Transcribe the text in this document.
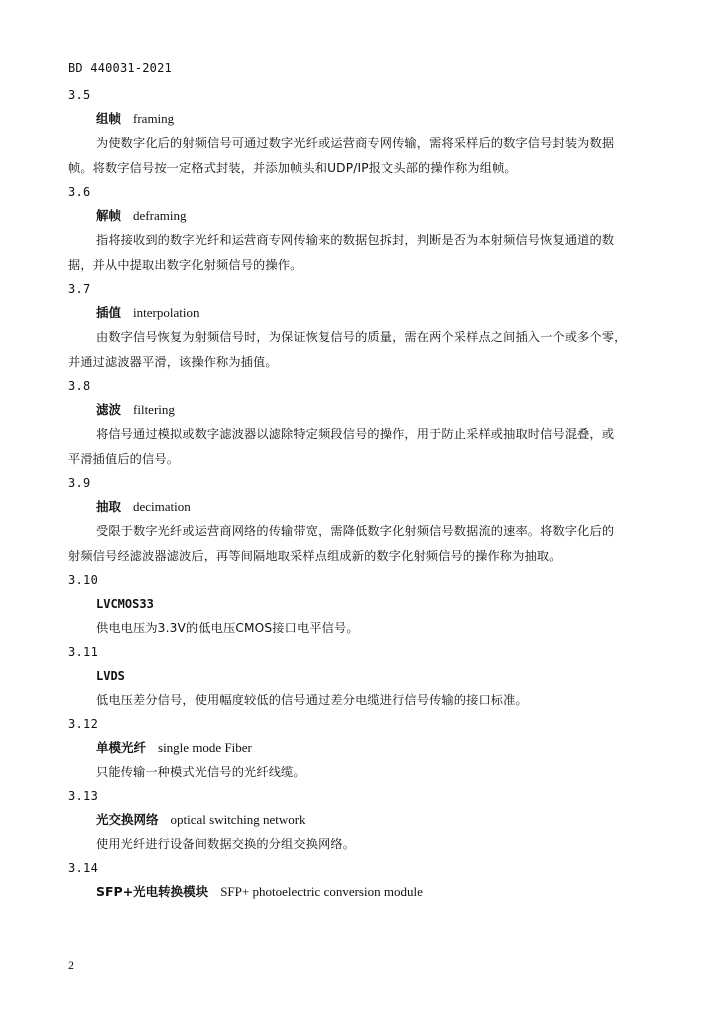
BD 440031-2021
3.5
组帧 framing

为使数字化后的射频信号可通过数字光纤或运营商专网传输，需将采样后的数字信号封装为数据
帧。将数字信号按一定格式封装，并添加帧头和UDP/IP报文头部的操作称为组帧。

3.6
解帧 deframing

指将接收到的数字光纤和运营商专网传输来的数据包拆封，判断是否为本射频信号恢复通道的数
据，并从中提取出数字化射频信号的操作。

3.7
插值 interpolation

由数字信号恢复为射频信号时，为保证恢复信号的质量，需在两个采样点之间插入一个或多个零，
并通过滤波器平滑，该操作称为插值。

3.8
滤波 filtering

将信号通过模拟或数字滤波器以滤除特定频段信号的操作，用于防止采样或抽取时信号混叠，或
平滑插值后的信号。

3.9
抽取 decimation

受限于数字光纤或运营商网络的传输带宽，需降低数字化射频信号数据流的速率。将数字化后的
射频信号经滤波器滤波后，再等间隔地取采样点组成新的数字化射频信号的操作称为抽取。

3.10
LVCMOS33

供电电压为3.3V的低电压CMOS接口电平信号。

3.11
LVDS

低电压差分信号，使用幅度较低的信号通过差分电缆进行信号传输的接口标准。

3.12
单模光纤 single mode Fiber

只能传输一种模式光信号的光纤线缆。

3.13
光交换网络 optical switching network

使用光纤进行设备间数据交换的分组交换网络。

3.14
SFP+光电转换模块 SFP+ photoelectric conversion module
2
